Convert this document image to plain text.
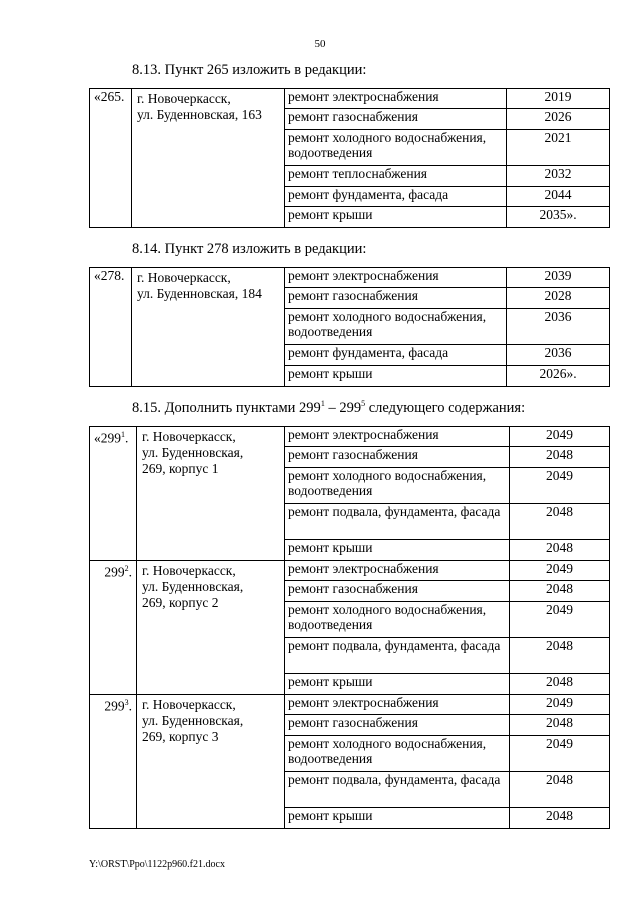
50
8.13. Пункт 265 изложить в редакции:
«265.	г. Новочеркасск,
ул. Буденновская, 163	ремонт электроснабжения	2019
		ремонт газоснабжения	2026
		ремонт холодного водоснабжения, водоотведения	2021
		ремонт теплоснабжения	2032
		ремонт фундамента, фасада	2044
		ремонт крыши	2035».
8.14. Пункт 278 изложить в редакции:
«278.	г. Новочеркасск,
ул. Буденновская, 184	ремонт электроснабжения	2039
		ремонт газоснабжения	2028
		ремонт холодного водоснабжения, водоотведения	2036
		ремонт фундамента, фасада	2036
		ремонт крыши	2026».
8.15. Дополнить пунктами $299^1 - 299^5$ следующего содержания:
«$299^1$.	г. Новочеркасск,
ул. Буденновская,
269, корпус 1	ремонт электроснабжения	2049
		ремонт газоснабжения	2048
		ремонт холодного водоснабжения, водоотведения	2049
		ремонт подвала, фундамента, фасада	2048
		ремонт крыши	2048
$299^2$.	г. Новочеркасск,
ул. Буденновская,
269, корпус 2	ремонт электроснабжения	2049
		ремонт газоснабжения	2048
		ремонт холодного водоснабжения, водоотведения	2049
		ремонт подвала, фундамента, фасада	2048
		ремонт крыши	2048
$299^3$.	г. Новочеркасск,
ул. Буденновская,
269, корпус 3	ремонт электроснабжения	2049
		ремонт газоснабжения	2048
		ремонт холодного водоснабжения, водоотведения	2049
		ремонт подвала, фундамента, фасада	2048
		ремонт крыши	2048
Y:\ORST\Ppo\1122p960.f21.docx
